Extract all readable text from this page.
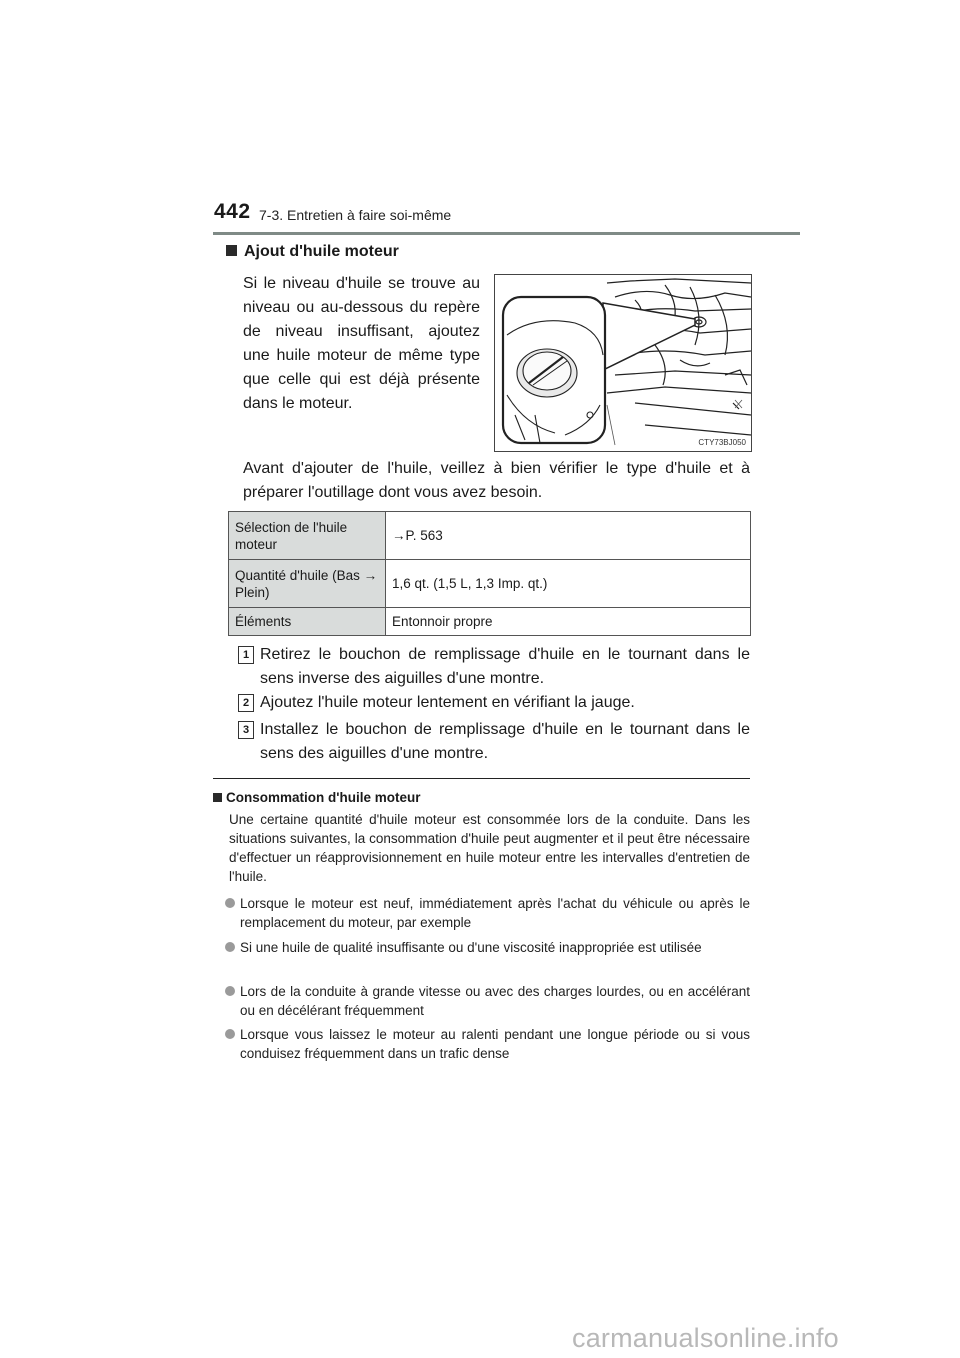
442 7-3. Entretien à faire soi-même
Ajout d'huile moteur
Si le niveau d'huile se trouve au niveau ou au-dessous du repère de niveau insuffisant, ajoutez une huile moteur de même type que celle qui est déjà présente dans le moteur.
CTY73BJ050
Avant d'ajouter de l'huile, veillez à bien vérifier le type d'huile et à préparer l'outillage dont vous avez besoin.
Sélection de l'huile moteur	→P. 563
Quantité d'huile (Bas → Plein)	1,6 qt. (1,5 L, 1,3 Imp. qt.)
Éléments	Entonnoir propre
1 Retirez le bouchon de remplissage d'huile en le tournant dans le sens inverse des aiguilles d'une montre.
2 Ajoutez l'huile moteur lentement en vérifiant la jauge.
3 Installez le bouchon de remplissage d'huile en le tournant dans le sens des aiguilles d'une montre.
Consommation d'huile moteur
Une certaine quantité d'huile moteur est consommée lors de la conduite. Dans les situations suivantes, la consommation d'huile peut augmenter et il peut être nécessaire d'effectuer un réapprovisionnement en huile moteur entre les intervalles d'entretien de l'huile.
Lorsque le moteur est neuf, immédiatement après l'achat du véhicule ou après le remplacement du moteur, par exemple
Si une huile de qualité insuffisante ou d'une viscosité inappropriée est utilisée
Lors de la conduite à grande vitesse ou avec des charges lourdes, ou en accélérant ou en décélérant fréquemment
Lorsque vous laissez le moteur au ralenti pendant une longue période ou si vous conduisez fréquemment dans un trafic dense
carmanualsonline.info
